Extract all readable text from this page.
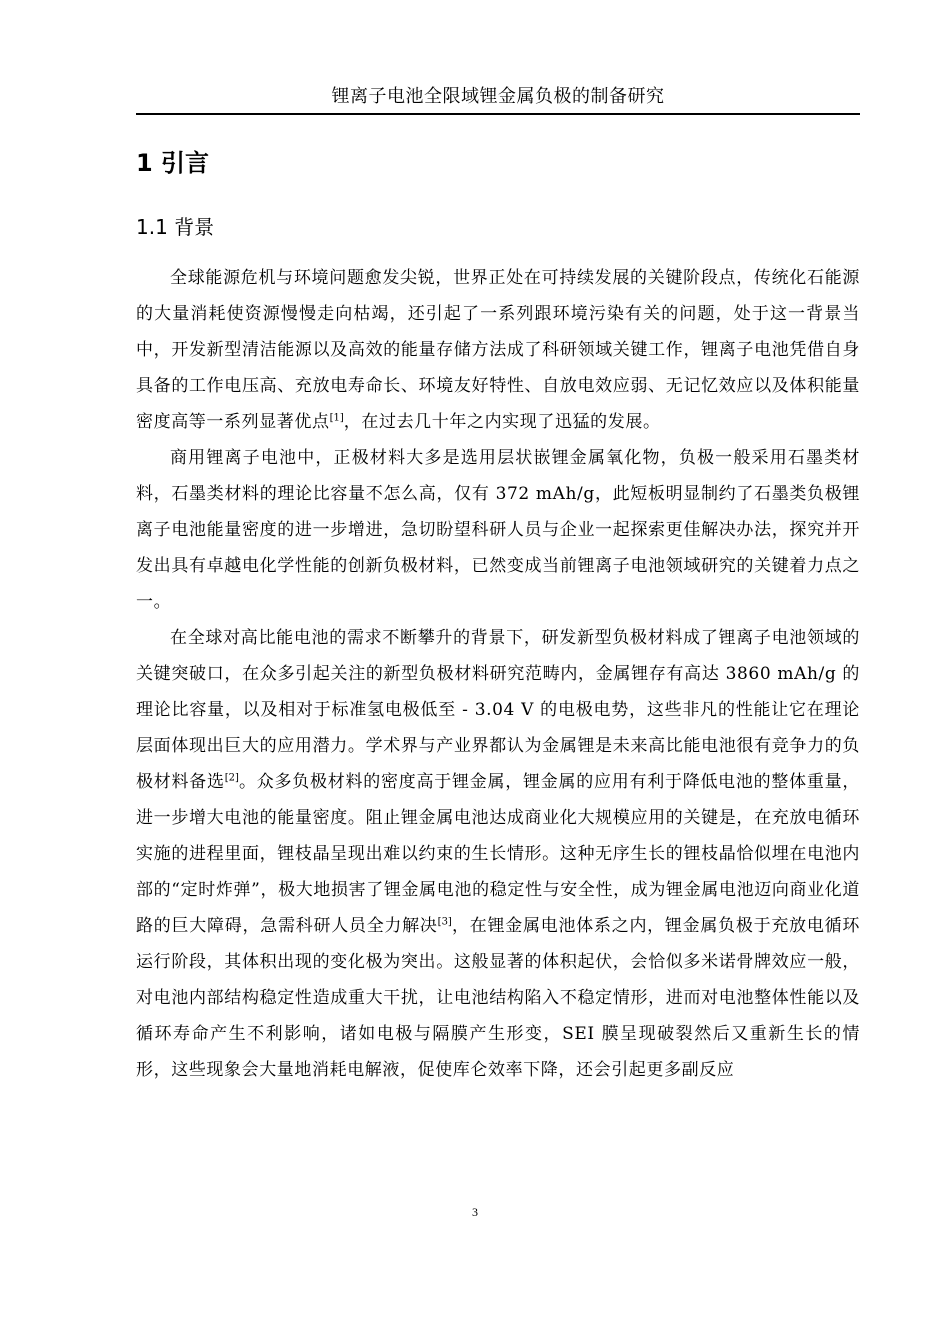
锂离子电池全限域锂金属负极的制备研究
1 引言
1.1 背景

全球能源危机与环境问题愈发尖锐，世界正处在可持续发展的关键阶段点，传统化石能源的大量消耗使资源慢慢走向枯竭，还引起了一系列跟环境污染有关的问题，处于这一背景当中，开发新型清洁能源以及高效的能量存储方法成了科研领域关键工作，锂离子电池凭借自身具备的工作电压高、充放电寿命长、环境友好特性、自放电效应弱、无记忆效应以及体积能量密度高等一系列显著优点[1]，在过去几十年之内实现了迅猛的发展。

商用锂离子电池中，正极材料大多是选用层状嵌锂金属氧化物，负极一般采用石墨类材料，石墨类材料的理论比容量不怎么高，仅有 372 mAh/g，此短板明显制约了石墨类负极锂离子电池能量密度的进一步增进，急切盼望科研人员与企业一起探索更佳解决办法，探究并开发出具有卓越电化学性能的创新负极材料，已然变成当前锂离子电池领域研究的关键着力点之一。

在全球对高比能电池的需求不断攀升的背景下，研发新型负极材料成了锂离子电池领域的关键突破口，在众多引起关注的新型负极材料研究范畴内，金属锂存有高达 3860 mAh/g 的理论比容量，以及相对于标准氢电极低至 - 3.04 V 的电极电势，这些非凡的性能让它在理论层面体现出巨大的应用潜力。学术界与产业界都认为金属锂是未来高比能电池很有竞争力的负极材料备选[2]。众多负极材料的密度高于锂金属，锂金属的应用有利于降低电池的整体重量，进一步增大电池的能量密度。阻止锂金属电池达成商业化大规模应用的关键是，在充放电循环实施的进程里面，锂枝晶呈现出难以约束的生长情形。这种无序生长的锂枝晶恰似埋在电池内部的“定时炸弹”，极大地损害了锂金属电池的稳定性与安全性，成为锂金属电池迈向商业化道路的巨大障碍，急需科研人员全力解决[3]，在锂金属电池体系之内，锂金属负极于充放电循环运行阶段，其体积出现的变化极为突出。这般显著的体积起伏，会恰似多米诺骨牌效应一般，对电池内部结构稳定性造成重大干扰，让电池结构陷入不稳定情形，进而对电池整体性能以及循环寿命产生不利影响，诸如电极与隔膜产生形变，SEI 膜呈现破裂然后又重新生长的情形，这些现象会大量地消耗电解液，促使库仑效率下降，还会引起更多副反应

3
